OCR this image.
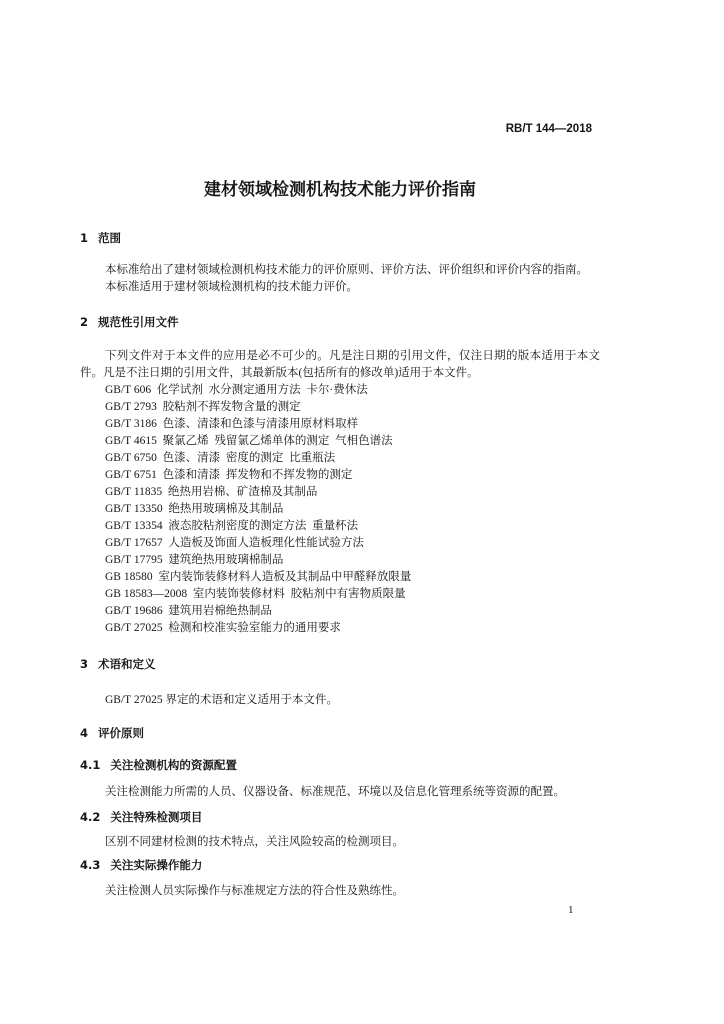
RB/T 144—2018
建材领域检测机构技术能力评价指南
1 范围
本标准给出了建材领域检测机构技术能力的评价原则、评价方法、评价组织和评价内容的指南。
本标准适用于建材领域检测机构的技术能力评价。
2 规范性引用文件
下列文件对于本文件的应用是必不可少的。凡是注日期的引用文件，仅注日期的版本适用于本文件。凡是不注日期的引用文件，其最新版本(包括所有的修改单)适用于本文件。
GB/T 606  化学试剂  水分测定通用方法  卡尔·费休法
GB/T 2793  胶粘剂不挥发物含量的测定
GB/T 3186  色漆、清漆和色漆与清漆用原材料取样
GB/T 4615  聚氯乙烯  残留氯乙烯单体的测定  气相色谱法
GB/T 6750  色漆、清漆  密度的测定  比重瓶法
GB/T 6751  色漆和清漆  挥发物和不挥发物的测定
GB/T 11835  绝热用岩棉、矿渣棉及其制品
GB/T 13350  绝热用玻璃棉及其制品
GB/T 13354  液态胶粘剂密度的测定方法  重量杯法
GB/T 17657  人造板及饰面人造板理化性能试验方法
GB/T 17795  建筑绝热用玻璃棉制品
GB 18580  室内装饰装修材料人造板及其制品中甲醛释放限量
GB 18583—2008  室内装饰装修材料  胶粘剂中有害物质限量
GB/T 19686  建筑用岩棉绝热制品
GB/T 27025  检测和校准实验室能力的通用要求
3 术语和定义
GB/T 27025 界定的术语和定义适用于本文件。
4 评价原则
4.1 关注检测机构的资源配置
关注检测能力所需的人员、仪器设备、标准规范、环境以及信息化管理系统等资源的配置。
4.2 关注特殊检测项目
区别不同建材检测的技术特点，关注风险较高的检测项目。
4.3 关注实际操作能力
关注检测人员实际操作与标准规定方法的符合性及熟练性。
1
